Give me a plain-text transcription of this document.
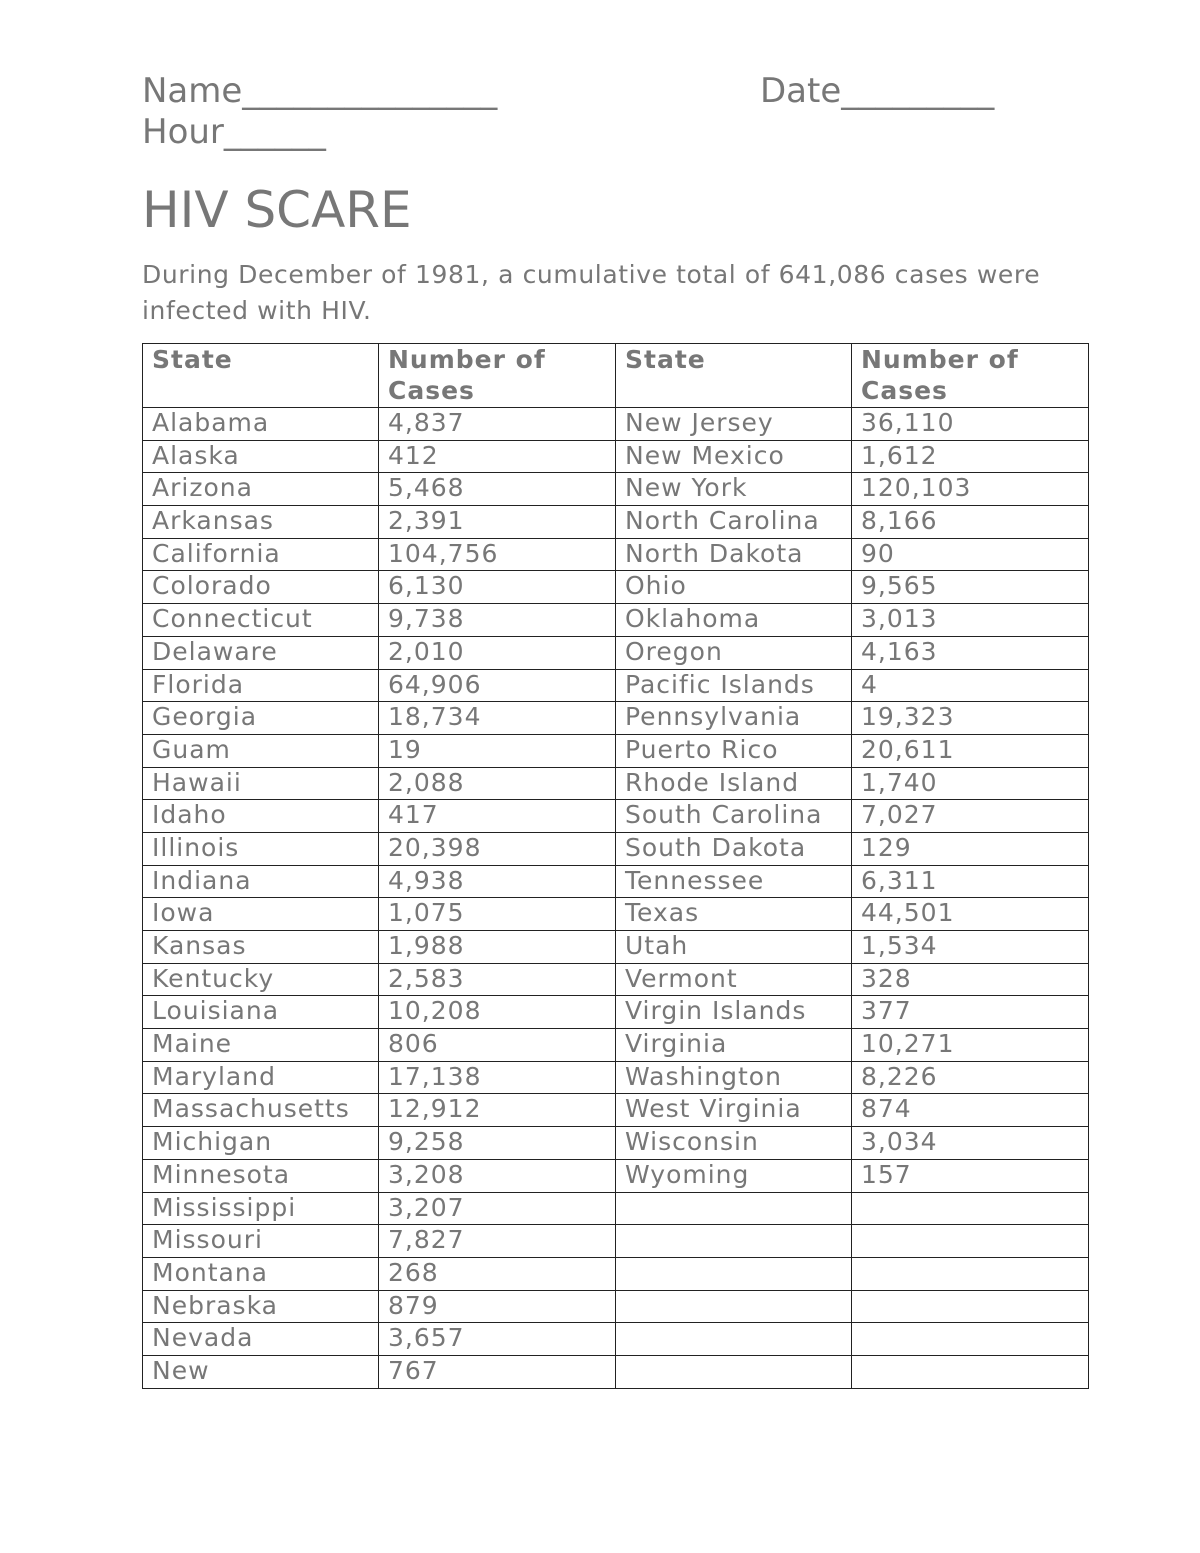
Name_______________	Date_________
Hour______
HIV SCARE

During December of 1981, a cumulative total of 641,086 cases were infected with HIV.

State	Number of Cases	State	Number of Cases
Alabama	4,837	New Jersey	36,110
Alaska	412	New Mexico	1,612
Arizona	5,468	New York	120,103
Arkansas	2,391	North Carolina	8,166
California	104,756	North Dakota	90
Colorado	6,130	Ohio	9,565
Connecticut	9,738	Oklahoma	3,013
Delaware	2,010	Oregon	4,163
Florida	64,906	Pacific Islands	4
Georgia	18,734	Pennsylvania	19,323
Guam	19	Puerto Rico	20,611
Hawaii	2,088	Rhode Island	1,740
Idaho	417	South Carolina	7,027
Illinois	20,398	South Dakota	129
Indiana	4,938	Tennessee	6,311
Iowa	1,075	Texas	44,501
Kansas	1,988	Utah	1,534
Kentucky	2,583	Vermont	328
Louisiana	10,208	Virgin Islands	377
Maine	806	Virginia	10,271
Maryland	17,138	Washington	8,226
Massachusetts	12,912	West Virginia	874
Michigan	9,258	Wisconsin	3,034
Minnesota	3,208	Wyoming	157
Mississippi	3,207		
Missouri	7,827		
Montana	268		
Nebraska	879		
Nevada	3,657		
New	767		
